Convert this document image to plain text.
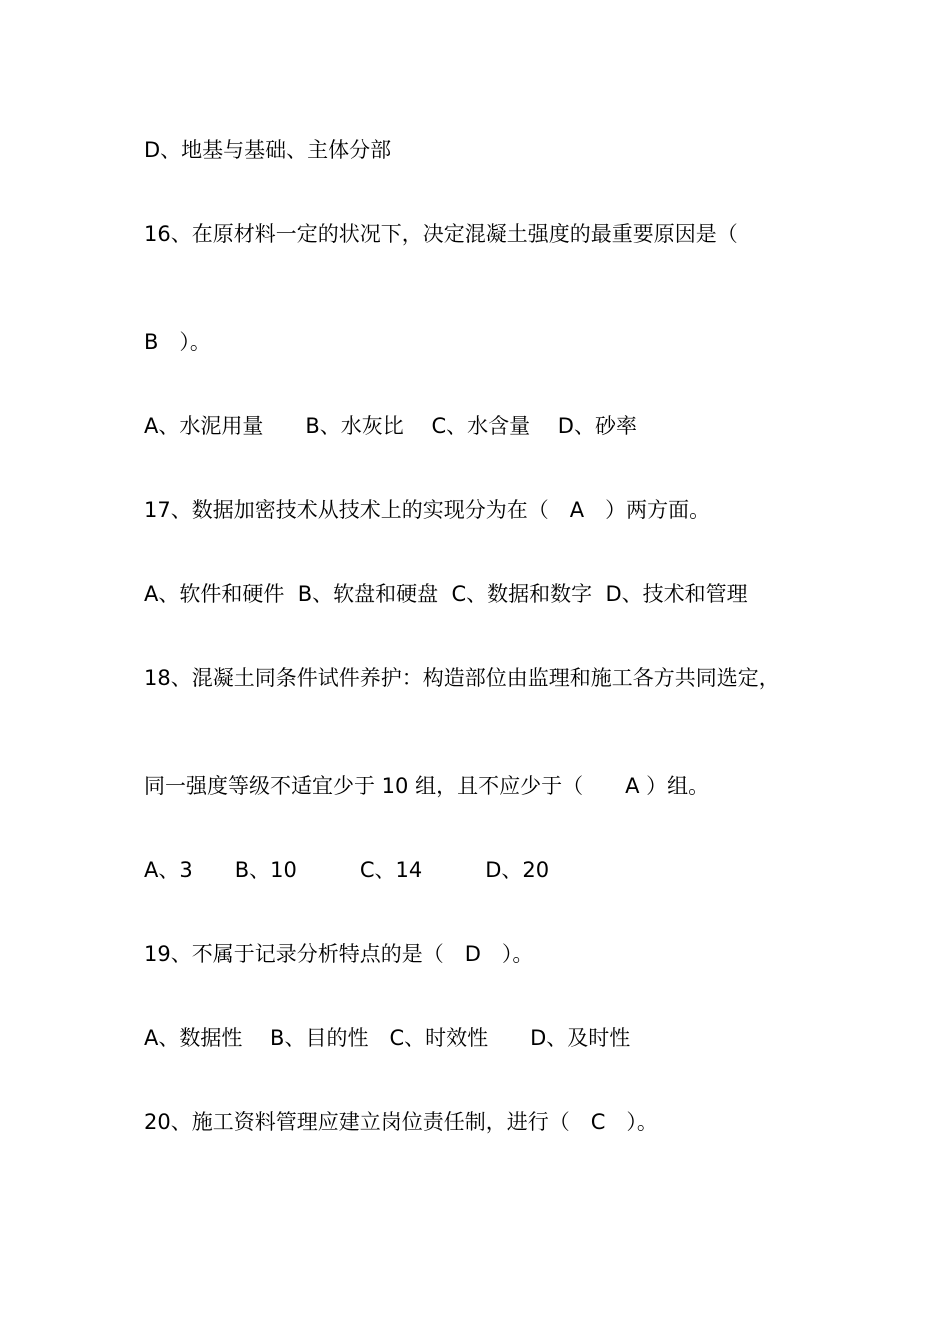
D、地基与基础、主体分部
16、在原材料一定的状况下，决定混凝土强度的最重要原因是（
B　）。
A、水泥用量　　B、水灰比　 C、水含量　 D、砂率
17、数据加密技术从技术上的实现分为在（　A　）两方面。
A、软件和硬件  B、软盘和硬盘  C、数据和数字  D、技术和管理
18、混凝土同条件试件养护：构造部位由监理和施工各方共同选定，
同一强度等级不适宜少于 10 组，且不应少于（　　A ）组。
A、3　　B、10　　　C、14　　　D、20
19、不属于记录分析特点的是（　D　）。
A、数据性　 B、目的性　C、时效性　　D、及时性
20、施工资料管理应建立岗位责任制，进行（　C　）。
